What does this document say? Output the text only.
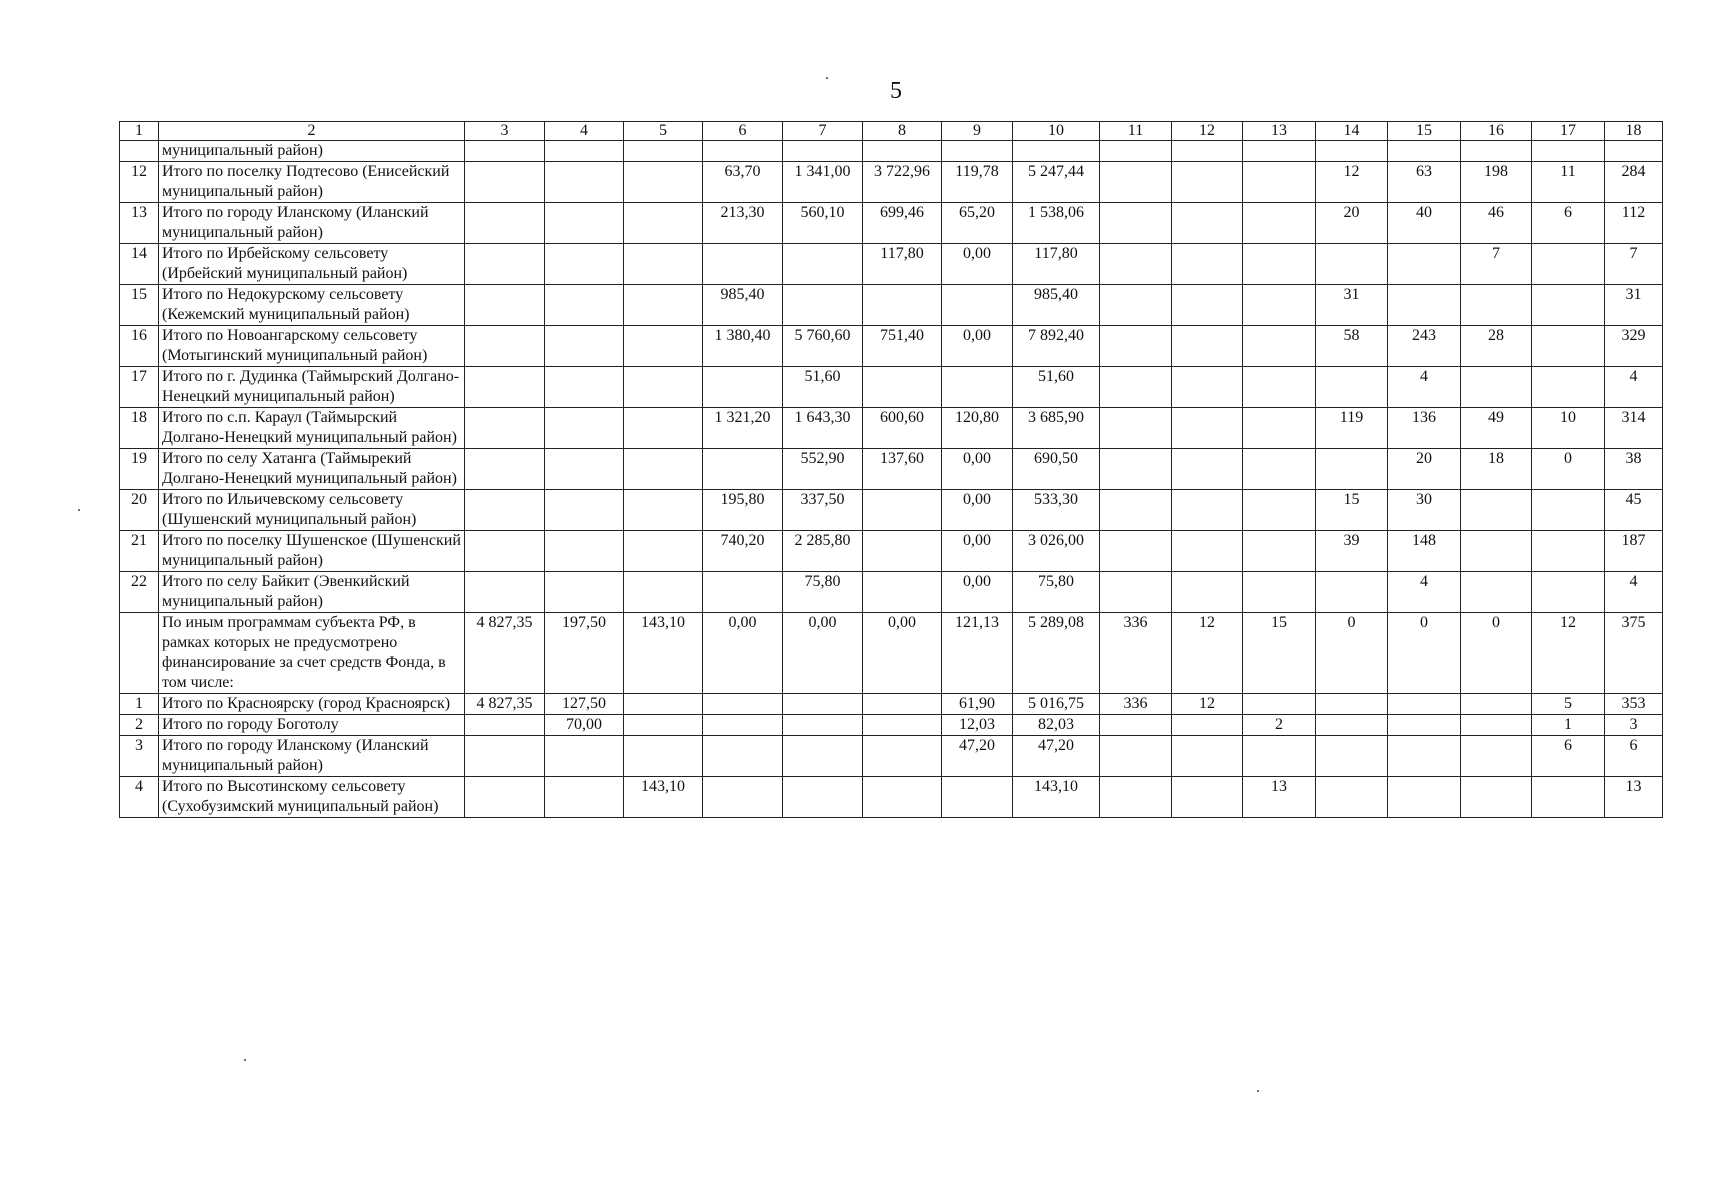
5
1	2	3	4	5	6	7	8	9	10	11	12	13	14	15	16	17	18
	муниципальный район)																
12	Итого по поселку Подтесово (Енисейский муниципальный район)				63,70	1 341,00	3 722,96	119,78	5 247,44				12	63	198	11	284
13	Итого по городу Иланскому (Иланский муниципальный район)				213,30	560,10	699,46	65,20	1 538,06				20	40	46	6	112
14	Итого по Ирбейскому сельсовету (Ирбейский муниципальный район)						117,80	0,00	117,80						7		7
15	Итого по Недокурскому сельсовету (Кежемский муниципальный район)				985,40				985,40				31				31
16	Итого по Новоангарскому сельсовету (Мотыгинский муниципальный район)				1 380,40	5 760,60	751,40	0,00	7 892,40				58	243	28		329
17	Итого по г. Дудинка (Таймырский Долгано-Ненецкий муниципальный район)					51,60			51,60					4			4
18	Итого по с.п. Караул (Таймырский Долгано-Ненецкий муниципальный район)				1 321,20	1 643,30	600,60	120,80	3 685,90				119	136	49	10	314
19	Итого по селу Хатанга (Таймырекий Долгано-Ненецкий муниципальный район)					552,90	137,60	0,00	690,50					20	18	0	38
20	Итого по Ильичевскому сельсовету (Шушенский муниципальный район)				195,80	337,50		0,00	533,30				15	30			45
21	Итого по поселку Шушенское (Шушенский муниципальный район)				740,20	2 285,80		0,00	3 026,00				39	148			187
22	Итого по селу Байкит (Эвенкийский муниципальный район)					75,80		0,00	75,80					4			4
	По иным программам субъекта РФ, в рамках которых не предусмотрено финансирование за счет средств Фонда, в том числе:	4 827,35	197,50	143,10	0,00	0,00	0,00	121,13	5 289,08	336	12	15	0	0	0	12	375
1	Итого по Красноярску (город Красноярск)	4 827,35	127,50					61,90	5 016,75	336	12					5	353
2	Итого по городу Боготолу		70,00					12,03	82,03			2				1	3
3	Итого по городу Иланскому (Иланский муниципальный район)							47,20	47,20							6	6
4	Итого по Высотинскому сельсовету (Сухобузимский муниципальный район)			143,10					143,10			13					13
